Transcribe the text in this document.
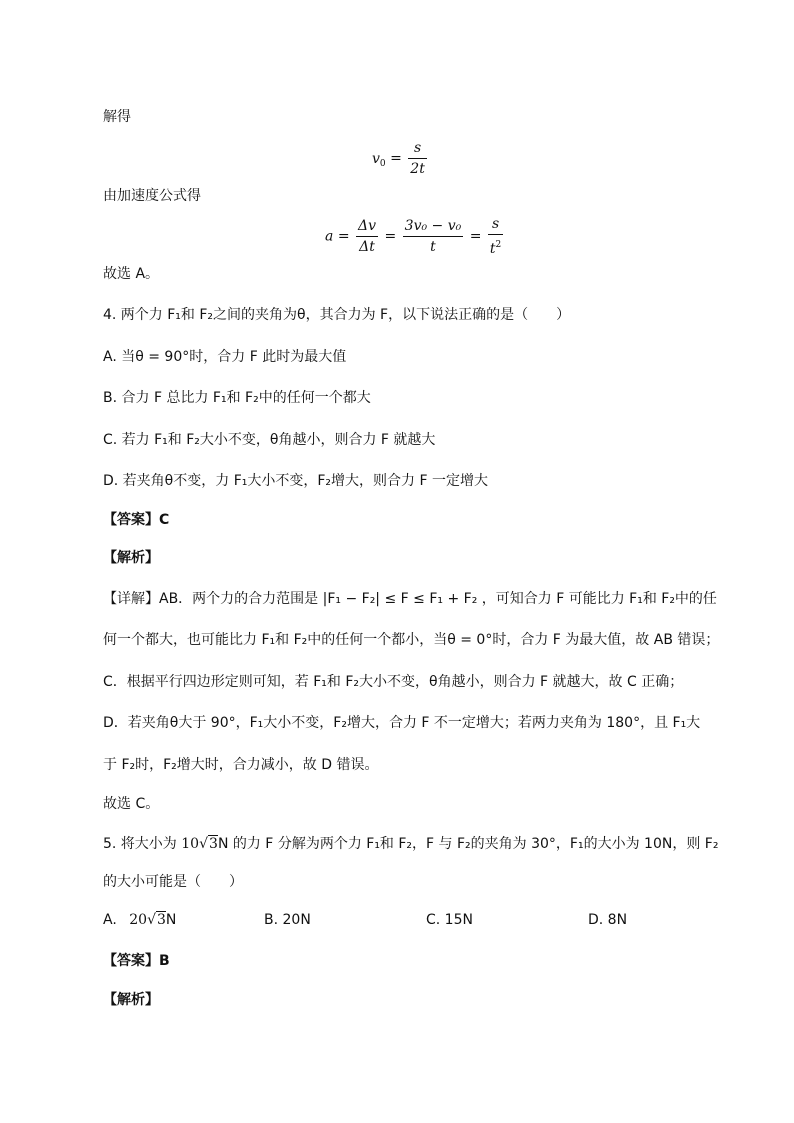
解得
$v_0 = \frac{s}{2t}$
由加速度公式得
$a = \frac{\Delta v}{\Delta t} = \frac{\text{3v₀ − v₀}}{t} = \frac{s}{t^2}$
故选 A。
4. 两个力 F₁和 F₂之间的夹角为θ，其合力为 F，以下说法正确的是（　　）
A. 当θ = 90°时，合力 F 此时为最大值
B. 合力 F 总比力 F₁和 F₂中的任何一个都大
C. 若力 F₁和 F₂大小不变，θ角越小，则合力 F 就越大
D. 若夹角θ不变，力 F₁大小不变，F₂增大，则合力 F 一定增大
【答案】C
【解析】
【详解】AB．两个力的合力范围是 |F₁ − F₂| ≤ F ≤ F₁ + F₂ ，可知合力 F 可能比力 F₁和 F₂中的任
何一个都大，也可能比力 F₁和 F₂中的任何一个都小，当θ = 0°时，合力 F 为最大值，故 AB 错误；
C．根据平行四边形定则可知，若 F₁和 F₂大小不变，θ角越小，则合力 F 就越大，故 C 正确；
D．若夹角θ大于 90°，F₁大小不变，F₂增大，合力 F 不一定增大；若两力夹角为 180°，且 F₁大
于 F₂时，F₂增大时，合力减小，故 D 错误。
故选 C。
5. 将大小为 10√3N 的力 F 分解为两个力 F₁和 F₂，F 与 F₂的夹角为 30°，F₁的大小为 10N，则 F₂
的大小可能是（　　）
A. 20√3N	B. 20N	C. 15N	D. 8N
【答案】B
【解析】
